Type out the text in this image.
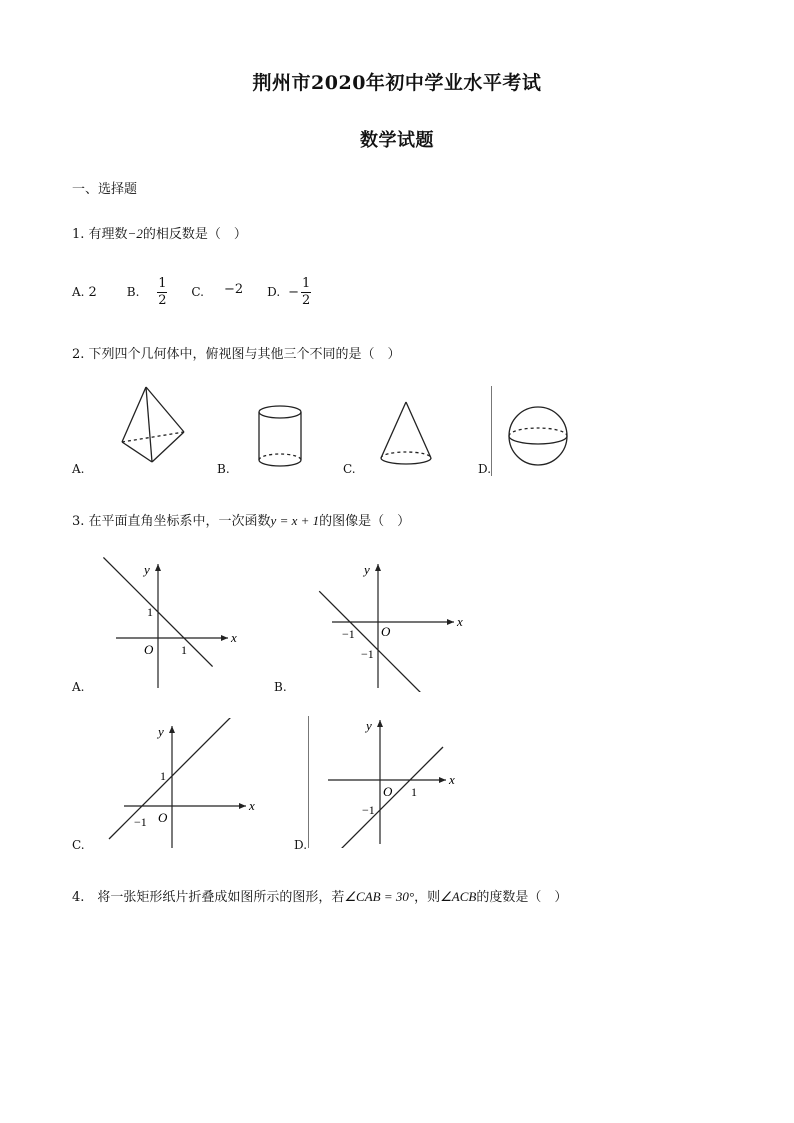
荆州市2020年初中学业水平考试
数学试题
一、选择题
1. 有理数−2的相反数是（　）
A. 2	B. $\frac{1}{2} C$. −2 D. − $\frac{1}{2}$
2. 下列四个几何体中，俯视图与其他三个不同的是（　）
A.	B.	C.	D.
3. 在平面直角坐标系中，一次函数y = x + 1的图像是（　）
A.
x
y
O
1
1
B.
x
y
O
−1
−1
C.
x
y
O
1
−1
D.
x
y
O 1
−1
4.　将一张矩形纸片折叠成如图所示的图形，若∠CAB = 30°，则∠ACB的度数是（　）
